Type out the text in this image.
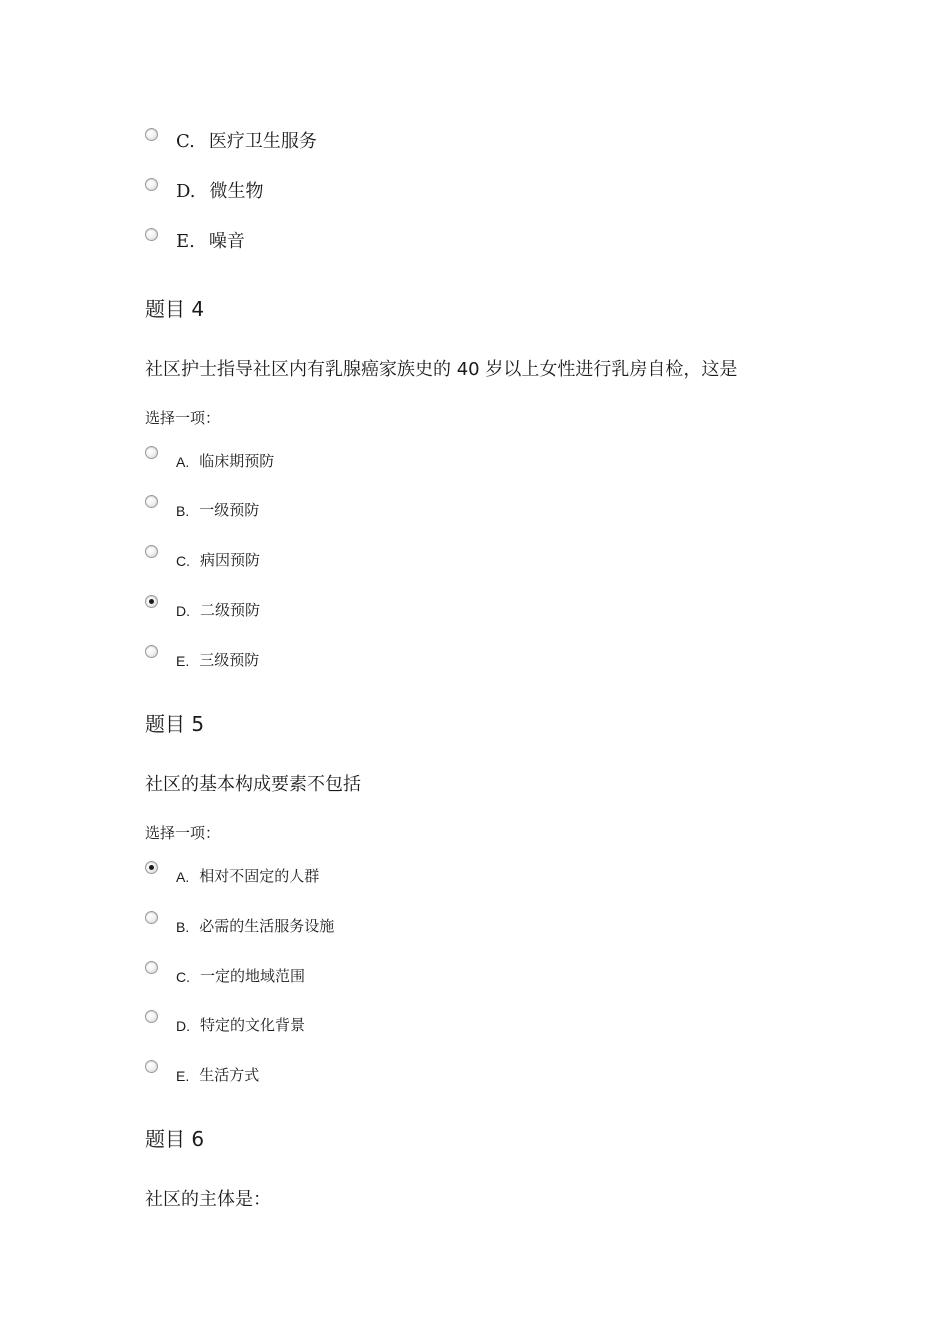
C. 医疗卫生服务
D. 微生物
E. 噪音
题目 4
社区护士指导社区内有乳腺癌家族史的 40 岁以上女性进行乳房自检，这是
选择一项：
A. 临床期预防
B. 一级预防
C. 病因预防
D. 二级预防
E. 三级预防
题目 5
社区的基本构成要素不包括
选择一项：
A. 相对不固定的人群
B. 必需的生活服务设施
C. 一定的地域范围
D. 特定的文化背景
E. 生活方式
题目 6
社区的主体是：
